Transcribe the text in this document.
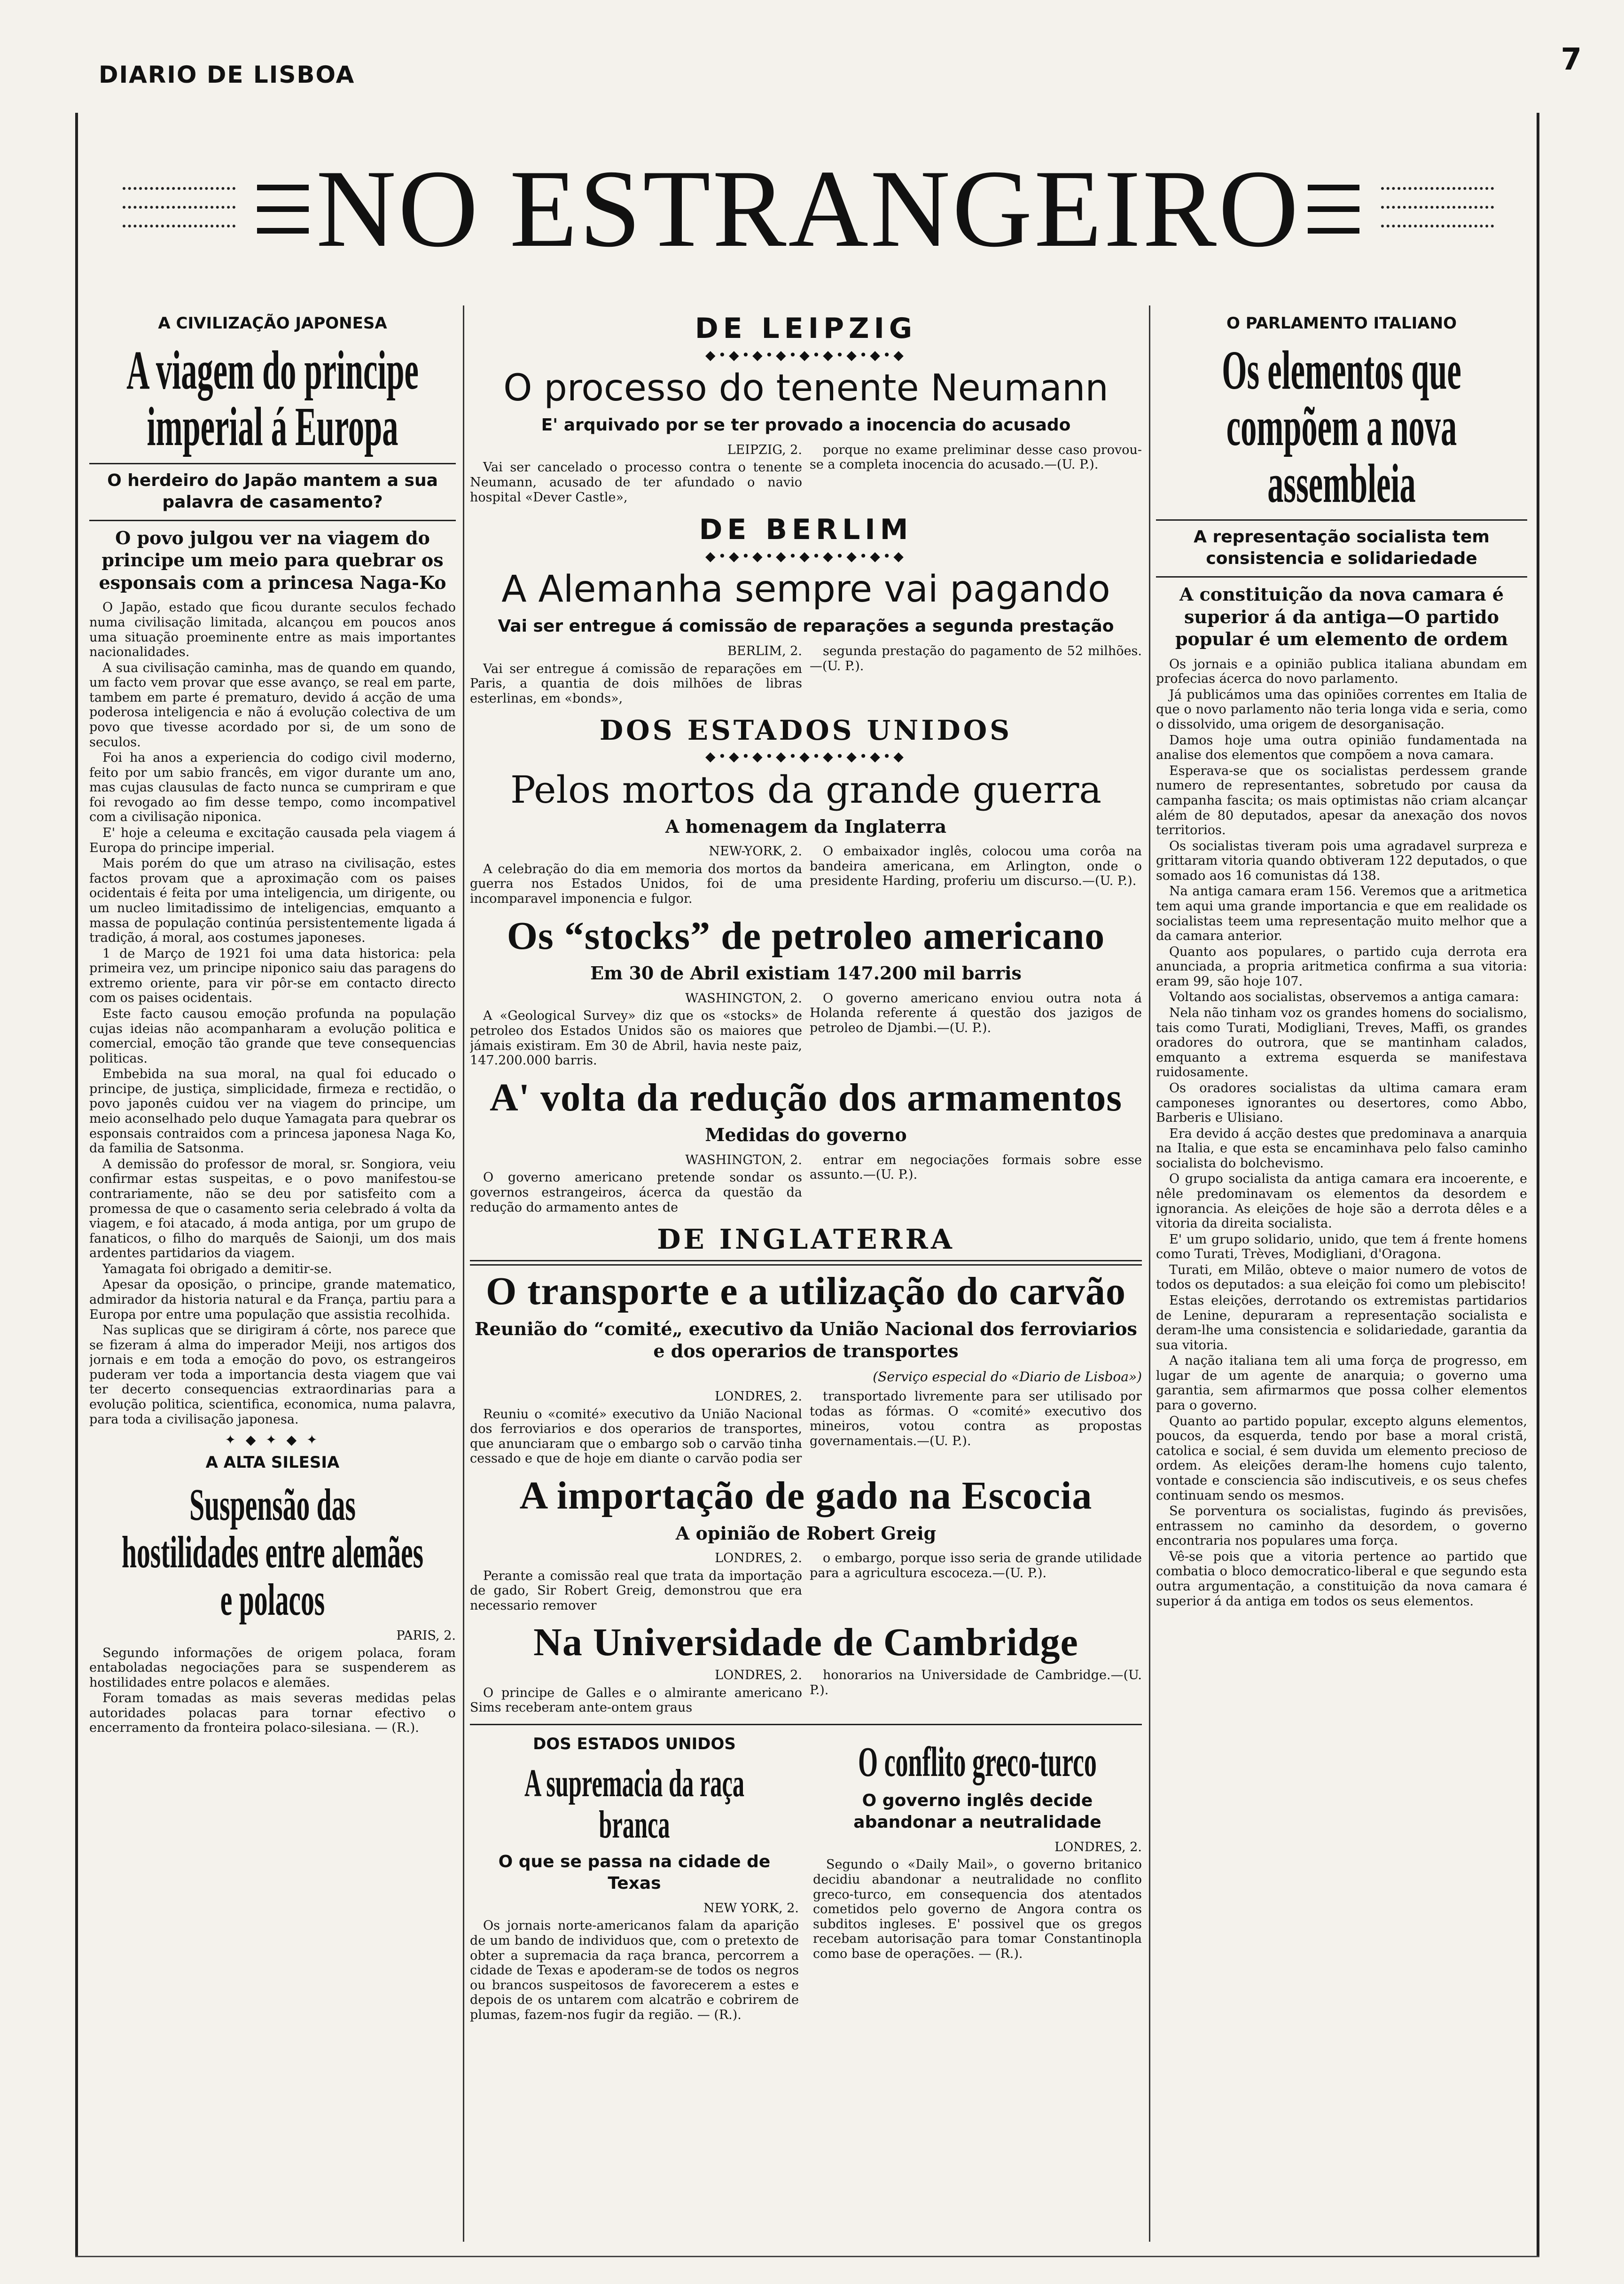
DIARIO DE LISBOA	7
NO ESTRANGEIRO
A CIVILIZAÇÃO JAPONESA
A viagem do principe imperial á Europa
O herdeiro do Japão mantem a sua palavra de casamento?
O povo julgou ver na viagem do principe um meio para quebrar os esponsais com a princesa Naga-Ko

O Japão, estado que ficou durante seculos fechado numa civilisação limitada, alcançou em poucos anos uma situação proeminente entre as mais importantes nacionalidades.

A sua civilisação caminha, mas de quando em quando, um facto vem provar que esse avanço, se real em parte, tambem em parte é prematuro, devido á acção de uma poderosa inteligencia e não á evolução colectiva de um povo que tivesse acordado por si, de um sono de seculos.

Foi ha anos a experiencia do codigo civil moderno, feito por um sabio francês, em vigor durante um ano, mas cujas clausulas de facto nunca se cumpriram e que foi revogado ao fim desse tempo, como incompativel com a civilisação niponica.

E' hoje a celeuma e excitação causada pela viagem á Europa do principe imperial.

Mais porém do que um atraso na civilisação, estes factos provam que a aproximação com os paises ocidentais é feita por uma inteligencia, um dirigente, ou um nucleo limitadissimo de inteligencias, emquanto a massa de população continúa persistentemente ligada á tradição, á moral, aos costumes japoneses.

1 de Março de 1921 foi uma data historica: pela primeira vez, um principe niponico saiu das paragens do extremo oriente, para vir pôr-se em contacto directo com os paises ocidentais.

Este facto causou emoção profunda na população cujas ideias não acompanharam a evolução politica e comercial, emoção tão grande que teve consequencias politicas.

Embebida na sua moral, na qual foi educado o principe, de justiça, simplicidade, firmeza e rectidão, o povo japonês cuidou ver na viagem do principe, um meio aconselhado pelo duque Yamagata para quebrar os esponsais contraidos com a princesa japonesa Naga Ko, da familia de Satsonma.

A demissão do professor de moral, sr. Songiora, veiu confirmar estas suspeitas, e o povo manifestou-se contrariamente, não se deu por satisfeito com a promessa de que o casamento seria celebrado á volta da viagem, e foi atacado, á moda antiga, por um grupo de fanaticos, o filho do marquês de Saionji, um dos mais ardentes partidarios da viagem.

Yamagata foi obrigado a demitir-se.

Apesar da oposição, o principe, grande matematico, admirador da historia natural e da França, partiu para a Europa por entre uma população que assistia recolhida.

Nas suplicas que se dirigiram á côrte, nos parece que se fizeram á alma do imperador Meiji, nos artigos dos jornais e em toda a emoção do povo, os estrangeiros puderam ver toda a importancia desta viagem que vai ter decerto consequencias extraordinarias para a evolução politica, scientifica, economica, numa palavra, para toda a civilisação japonesa.

✦ ◆ ✦ ◆ ✦
A ALTA SILESIA
Suspensão das hostilidades entre alemães e polacos
PARIS, 2.

Segundo informações de origem polaca, foram entaboladas negociações para se suspenderem as hostilidades entre polacos e alemães.

Foram tomadas as mais severas medidas pelas autoridades polacas para tornar efectivo o encerramento da fronteira polaco-silesiana. — (R.).

DE LEIPZIG
◆•◆•◆•◆•◆•◆•◆•◆•◆
O processo do tenente Neumann
E' arquivado por se ter provado a inocencia do acusado
LEIPZIG, 2.

Vai ser cancelado o processo contra o tenente Neumann, acusado de ter afundado o navio hospital «Dever Castle»,

porque no exame preliminar desse caso provou-se a completa inocencia do acusado.—(U. P.).

DE BERLIM
◆•◆•◆•◆•◆•◆•◆•◆•◆
A Alemanha sempre vai pagando
Vai ser entregue á comissão de reparações a segunda prestação
BERLIM, 2.

Vai ser entregue á comissão de reparações em Paris, a quantia de dois milhões de libras esterlinas, em «bonds»,

segunda prestação do pagamento de 52 milhões.—(U. P.).

DOS ESTADOS UNIDOS
◆•◆•◆•◆•◆•◆•◆•◆•◆
Pelos mortos da grande guerra
A homenagem da Inglaterra
NEW-YORK, 2.

A celebração do dia em memoria dos mortos da guerra nos Estados Unidos, foi de uma incomparavel imponencia e fulgor.

O embaixador inglês, colocou uma corôa na bandeira americana, em Arlington, onde o presidente Harding, proferiu um discurso.—(U. P.).

Os “stocks” de petroleo americano
Em 30 de Abril existiam 147.200 mil barris
WASHINGTON, 2.

A «Geological Survey» diz que os «stocks» de petroleo dos Estados Unidos são os maiores que jámais existiram. Em 30 de Abril, havia neste paiz, 147.200.000 barris.

O governo americano enviou outra nota á Holanda referente á questão dos jazigos de petroleo de Djambi.—(U. P.).

A' volta da redução dos armamentos
Medidas do governo
WASHINGTON, 2.

O governo americano pretende sondar os governos estrangeiros, ácerca da questão da redução do armamento antes de

entrar em negociações formais sobre esse assunto.—(U. P.).

DE INGLATERRA
O transporte e a utilização do carvão
Reunião do “comité„ executivo da União Nacional dos ferroviarios e dos operarios de transportes
(Serviço especial do «Diario de Lisboa»)
LONDRES, 2.

Reuniu o «comité» executivo da União Nacional dos ferroviarios e dos operarios de transportes, que anunciaram que o embargo sob o carvão tinha cessado e que de hoje em diante o carvão podia ser

transportado livremente para ser utilisado por todas as fórmas. O «comité» executivo dos mineiros, votou contra as propostas governamentais.—(U. P.).

A importação de gado na Escocia
A opinião de Robert Greig
LONDRES, 2.

Perante a comissão real que trata da importação de gado, Sir Robert Greig, demonstrou que era necessario remover

o embargo, porque isso seria de grande utilidade para a agricultura escoceza.—(U. P.).

Na Universidade de Cambridge
LONDRES, 2.

O principe de Galles e o almirante americano Sims receberam ante-ontem graus

honorarios na Universidade de Cambridge.—(U. P.).

DOS ESTADOS UNIDOS
A supremacia da raça branca
O que se passa na cidade de Texas
NEW YORK, 2.

Os jornais norte-americanos falam da aparição de um bando de individuos que, com o pretexto de obter a supremacia da raça branca, percorrem a cidade de Texas e apoderam-se de todos os negros ou brancos suspeitosos de favorecerem a estes e depois de os untarem com alcatrão e cobrirem de plumas, fazem-nos fugir da região. — (R.).

O conflito greco-turco
O governo inglês decide abandonar a neutralidade
LONDRES, 2.

Segundo o «Daily Mail», o governo britanico decidiu abandonar a neutralidade no conflito greco-turco, em consequencia dos atentados cometidos pelo governo de Angora contra os subditos ingleses. E' possivel que os gregos recebam autorisação para tomar Constantinopla como base de operações. — (R.).

O PARLAMENTO ITALIANO
Os elementos que compõem a nova assembleia
A representação socialista tem consistencia e solidariedade
A constituição da nova camara é superior á da antiga—O partido popular é um elemento de ordem

Os jornais e a opinião publica italiana abundam em profecias ácerca do novo parlamento.

Já publicámos uma das opiniões correntes em Italia de que o novo parlamento não teria longa vida e seria, como o dissolvido, uma origem de desorganisação.

Damos hoje uma outra opinião fundamentada na analise dos elementos que compõem a nova camara.

Esperava-se que os socialistas perdessem grande numero de representantes, sobretudo por causa da campanha fascita; os mais optimistas não criam alcançar além de 80 deputados, apesar da anexação dos novos territorios.

Os socialistas tiveram pois uma agradavel surpreza e grittaram vitoria quando obtiveram 122 deputados, o que somado aos 16 comunistas dá 138.

Na antiga camara eram 156. Veremos que a aritmetica tem aqui uma grande importancia e que em realidade os socialistas teem uma representação muito melhor que a da camara anterior.

Quanto aos populares, o partido cuja derrota era anunciada, a propria aritmetica confirma a sua vitoria: eram 99, são hoje 107.

Voltando aos socialistas, observemos a antiga camara:

Nela não tinham voz os grandes homens do socialismo, tais como Turati, Modigliani, Treves, Maffi, os grandes oradores do outrora, que se mantinham calados, emquanto a extrema esquerda se manifestava ruidosamente.

Os oradores socialistas da ultima camara eram camponeses ignorantes ou desertores, como Abbo, Barberis e Ulisiano.

Era devido á acção destes que predominava a anarquia na Italia, e que esta se encaminhava pelo falso caminho socialista do bolchevismo.

O grupo socialista da antiga camara era incoerente, e nêle predominavam os elementos da desordem e ignorancia. As eleições de hoje são a derrota dêles e a vitoria da direita socialista.

E' um grupo solidario, unido, que tem á frente homens como Turati, Trèves, Modigliani, d'Oragona.

Turati, em Milão, obteve o maior numero de votos de todos os deputados: a sua eleição foi como um plebiscito!

Estas eleições, derrotando os extremistas partidarios de Lenine, depuraram a representação socialista e deram-lhe uma consistencia e solidariedade, garantia da sua vitoria.

A nação italiana tem ali uma força de progresso, em lugar de um agente de anarquia; o governo uma garantia, sem afirmarmos que possa colher elementos para o governo.

Quanto ao partido popular, excepto alguns elementos, poucos, da esquerda, tendo por base a moral cristã, catolica e social, é sem duvida um elemento precioso de ordem. As eleições deram-lhe homens cujo talento, vontade e consciencia são indiscutiveis, e os seus chefes continuam sendo os mesmos.

Se porventura os socialistas, fugindo ás previsões, entrassem no caminho da desordem, o governo encontraria nos populares uma força.

Vê-se pois que a vitoria pertence ao partido que combatia o bloco democratico-liberal e que segundo esta outra argumentação, a constituição da nova camara é superior á da antiga em todos os seus elementos.
